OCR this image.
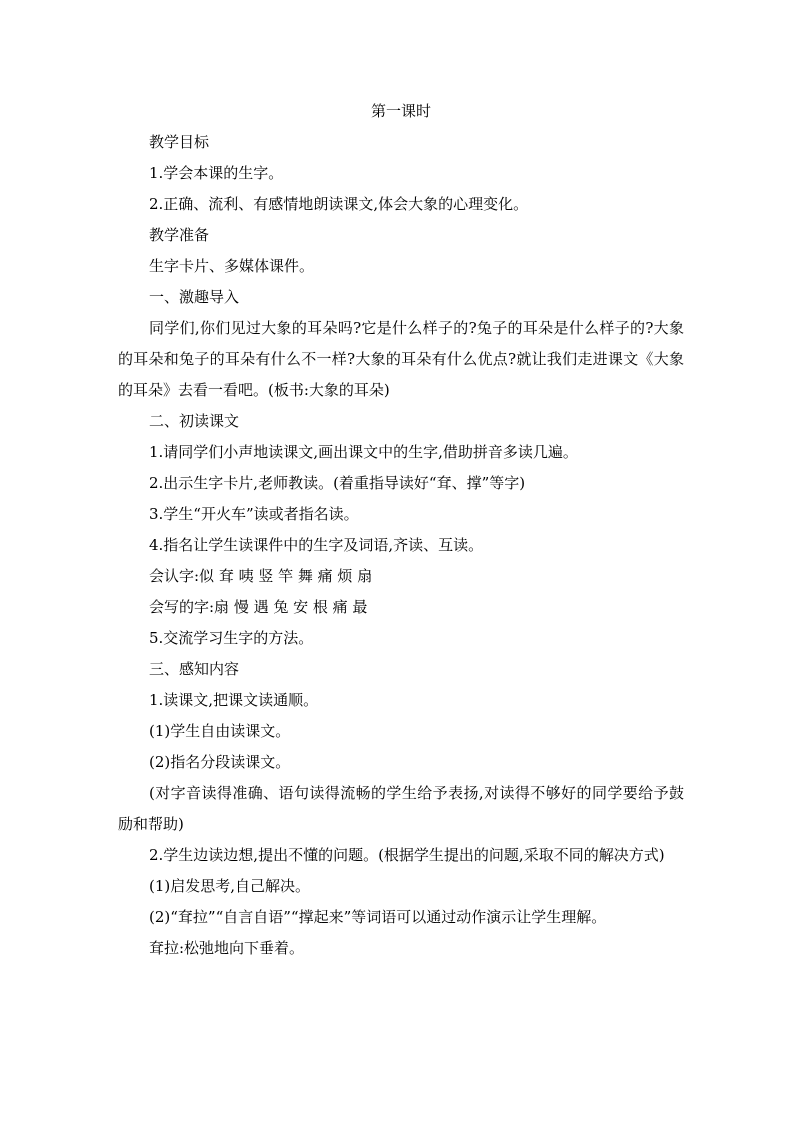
第一课时

教学目标

1.学会本课的生字。

2.正确、流利、有感情地朗读课文,体会大象的心理变化。

教学准备

生字卡片、多媒体课件。

一、激趣导入

同学们,你们见过大象的耳朵吗?它是什么样子的?兔子的耳朵是什么样子的?大象的耳朵和兔子的耳朵有什么不一样?大象的耳朵有什么优点?就让我们走进课文《大象的耳朵》去看一看吧。(板书:大象的耳朵)

二、初读课文

1.请同学们小声地读课文,画出课文中的生字,借助拼音多读几遍。

2.出示生字卡片,老师教读。(着重指导读好“耷、撑”等字)

3.学生“开火车”读或者指名读。

4.指名让学生读课件中的生字及词语,齐读、互读。

会认字:似 耷 咦 竖 竿 舞 痛 烦 扇

会写的字:扇 慢 遇 兔 安 根 痛 最

5.交流学习生字的方法。

三、感知内容

1.读课文,把课文读通顺。

(1)学生自由读课文。

(2)指名分段读课文。

(对字音读得准确、语句读得流畅的学生给予表扬,对读得不够好的同学要给予鼓励和帮助)

2.学生边读边想,提出不懂的问题。(根据学生提出的问题,采取不同的解决方式)

(1)启发思考,自己解决。

(2)“耷拉”“自言自语”“撑起来”等词语可以通过动作演示让学生理解。

耷拉:松弛地向下垂着。
